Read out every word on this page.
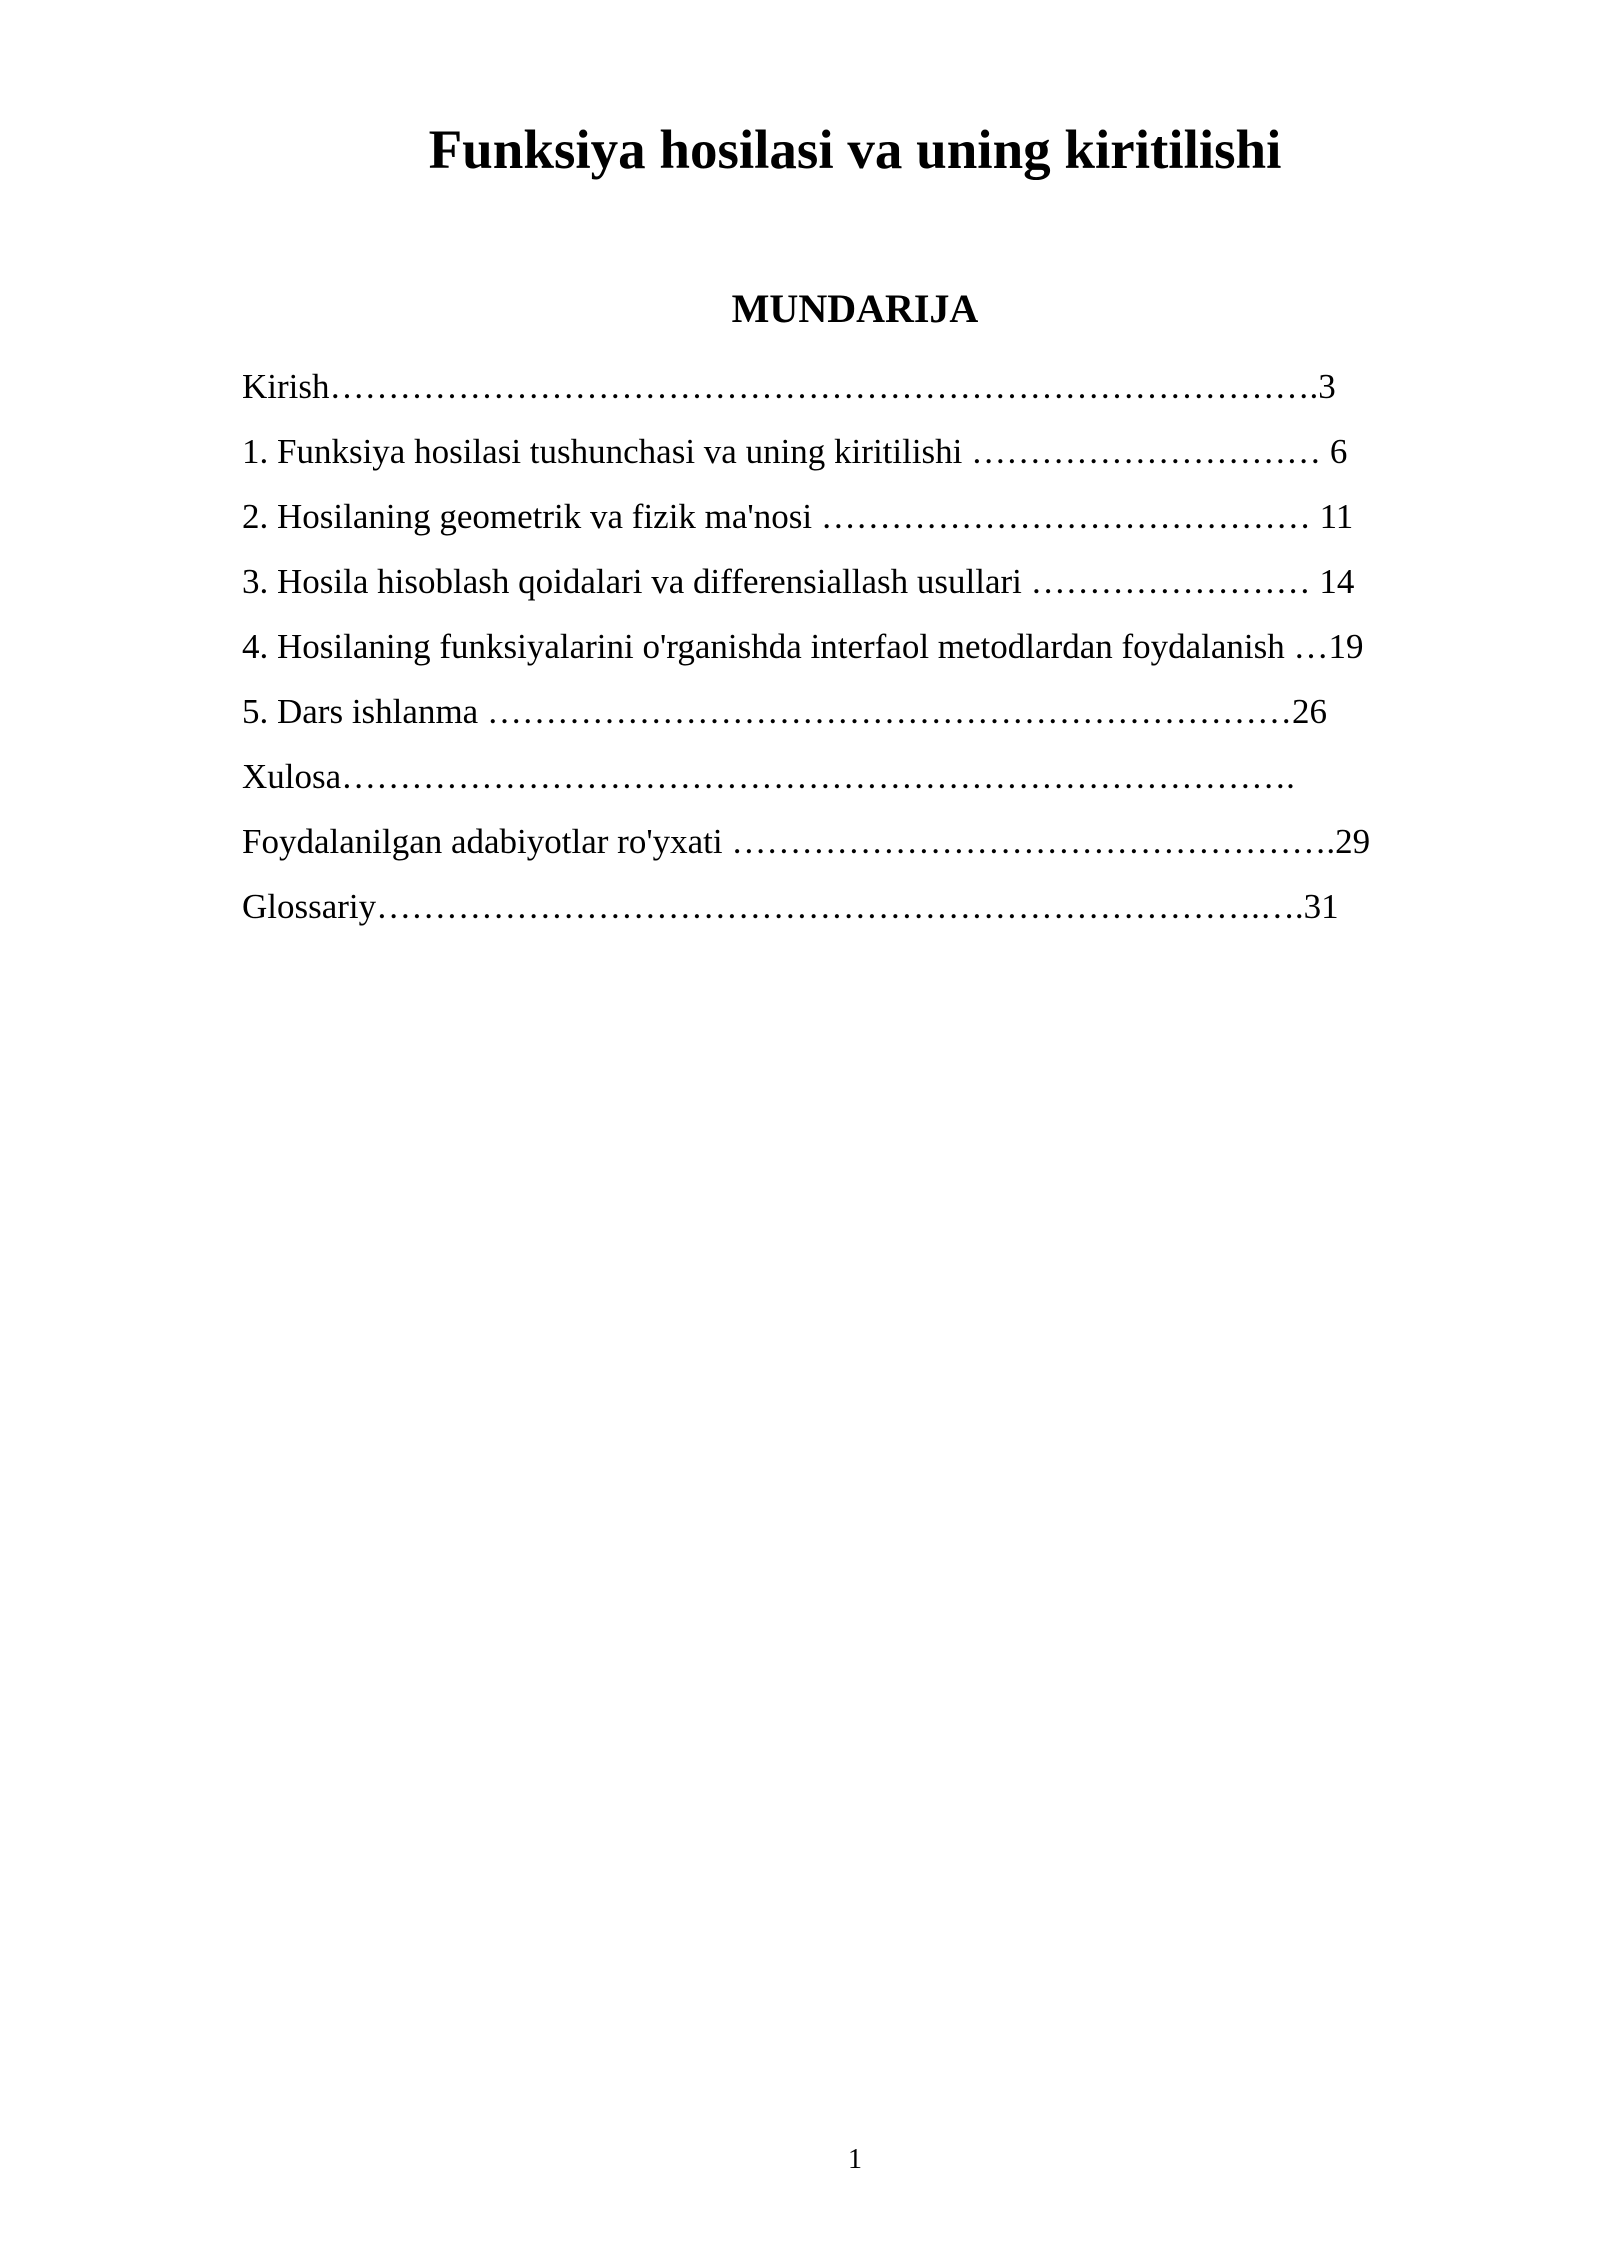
Funksiya hosilasi va uning kiritilishi
MUNDARIJA
Kirish………………………………………………………………………….3
1. Funksiya hosilasi tushunchasi va uning kiritilishi ………………………… 6
2. Hosilaning geometrik va fizik ma'nosi …………………………………… 11
3. Hosila hisoblash qoidalari va differensiallash usullari …………………… 14
4. Hosilaning funksiyalarini o'rganishda interfaol metodlardan foydalanish …19
5. Dars ishlanma ……………………………………………………………26
Xulosa……………………………………………………………………….
Foydalanilgan adabiyotlar ro'yxati …………………………………………….29
Glossariy………………………………………………………………….….31
1
